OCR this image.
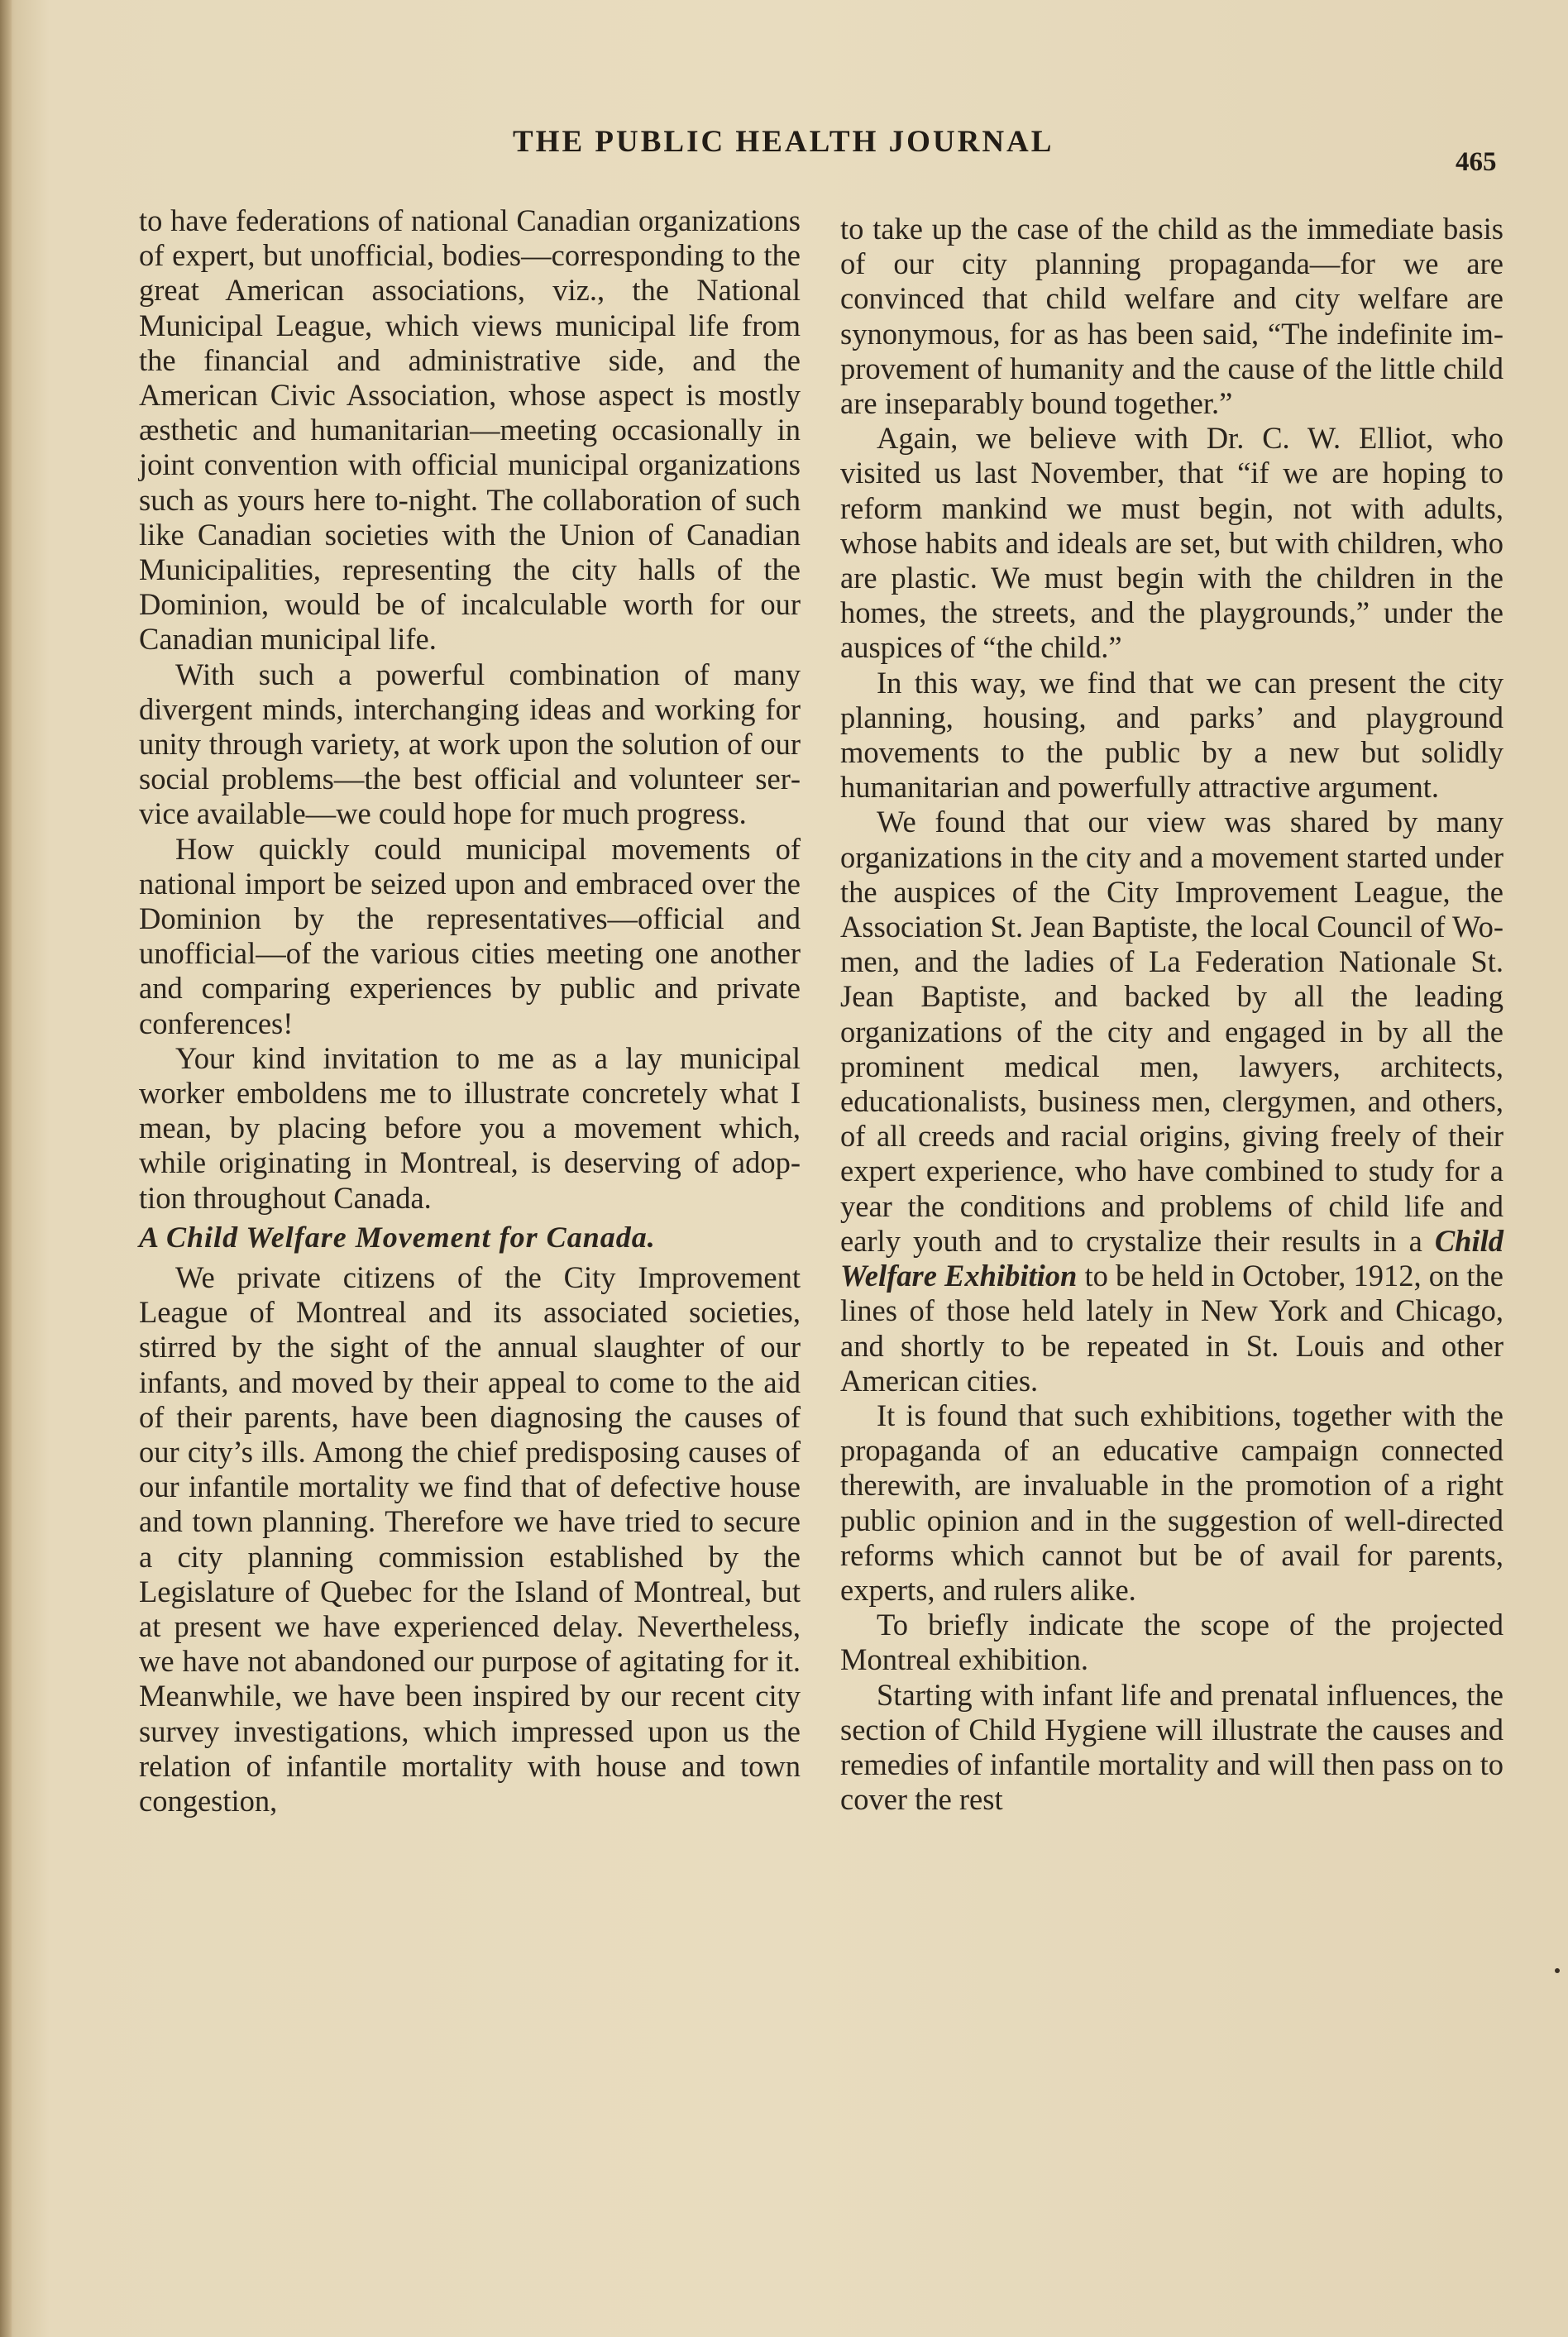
THE PUBLIC HEALTH JOURNAL
465

to have federations of national Canadian organizations of expert, but unofficial, bodies—corresponding to the great American associations, viz., the National Municipal League, which views municipal life from the financial and administrative side, and the American Civic Association, whose aspect is mostly æsthetic and humanitarian—meeting occasionally in joint convention with official municipal organizations such as yours here to-night. The collaboration of such like Canadian societies with the Union of Canadian Municipalities, representing the city halls of the Dominion, would be of incalculable worth for our Canadian municipal life.

With such a powerful combination of many divergent minds, interchanging ideas and working for unity through variety, at work upon the solution of our social problems—the best official and volunteer service available—we could hope for much progress.

How quickly could municipal movements of national import be seized upon and embraced over the Dominion by the representatives—official and unofficial—of the various cities meeting one another and comparing experiences by public and private conferences!

Your kind invitation to me as a lay municipal worker emboldens me to illustrate concretely what I mean, by placing before you a movement which, while originating in Montreal, is deserving of adoption throughout Canada.

A Child Welfare Movement for Canada.

We private citizens of the City Improvement League of Montreal and its associated societies, stirred by the sight of the annual slaughter of our infants, and moved by their appeal to come to the aid of their parents, have been diagnosing the causes of our city’s ills. Among the chief predisposing causes of our infantile mortality we find that of defective house and town planning. Therefore we have tried to secure a city planning commission established by the Legislature of Quebec for the Island of Montreal, but at present we have experienced delay. Nevertheless, we have not abandoned our purpose of agitating for it. Meanwhile, we have been inspired by our recent city survey investigations, which impressed upon us the relation of infantile mortality with house and town congestion,

to take up the case of the child as the immediate basis of our city planning propaganda—for we are convinced that child welfare and city welfare are synonymous, for as has been said, “The indefinite improvement of humanity and the cause of the little child are inseparably bound together.”

Again, we believe with Dr. C. W. Elliot, who visited us last November, that “if we are hoping to reform mankind we must begin, not with adults, whose habits and ideals are set, but with children, who are plastic. We must begin with the children in the homes, the streets, and the playgrounds,” under the auspices of “the child.”

In this way, we find that we can present the city planning, housing, and parks’ and playground movements to the public by a new but solidly humanitarian and powerfully attractive argument.

We found that our view was shared by many organizations in the city and a movement started under the auspices of the City Improvement League, the Association St. Jean Baptiste, the local Council of Women, and the ladies of La Federation Nationale St. Jean Baptiste, and backed by all the leading organizations of the city and engaged in by all the prominent medical men, lawyers, architects, educationalists, business men, clergymen, and others, of all creeds and racial origins, giving freely of their expert experience, who have combined to study for a year the conditions and problems of child life and early youth and to crystalize their results in a Child Welfare Exhibition to be held in October, 1912, on the lines of those held lately in New York and Chicago, and shortly to be repeated in St. Louis and other American cities.

It is found that such exhibitions, together with the propaganda of an educative campaign connected therewith, are invaluable in the promotion of a right public opinion and in the suggestion of well-directed reforms which cannot but be of avail for parents, experts, and rulers alike.

To briefly indicate the scope of the projected Montreal exhibition.

Starting with infant life and prenatal influences, the section of Child Hygiene will illustrate the causes and remedies of infantile mortality and will then pass on to cover the rest
